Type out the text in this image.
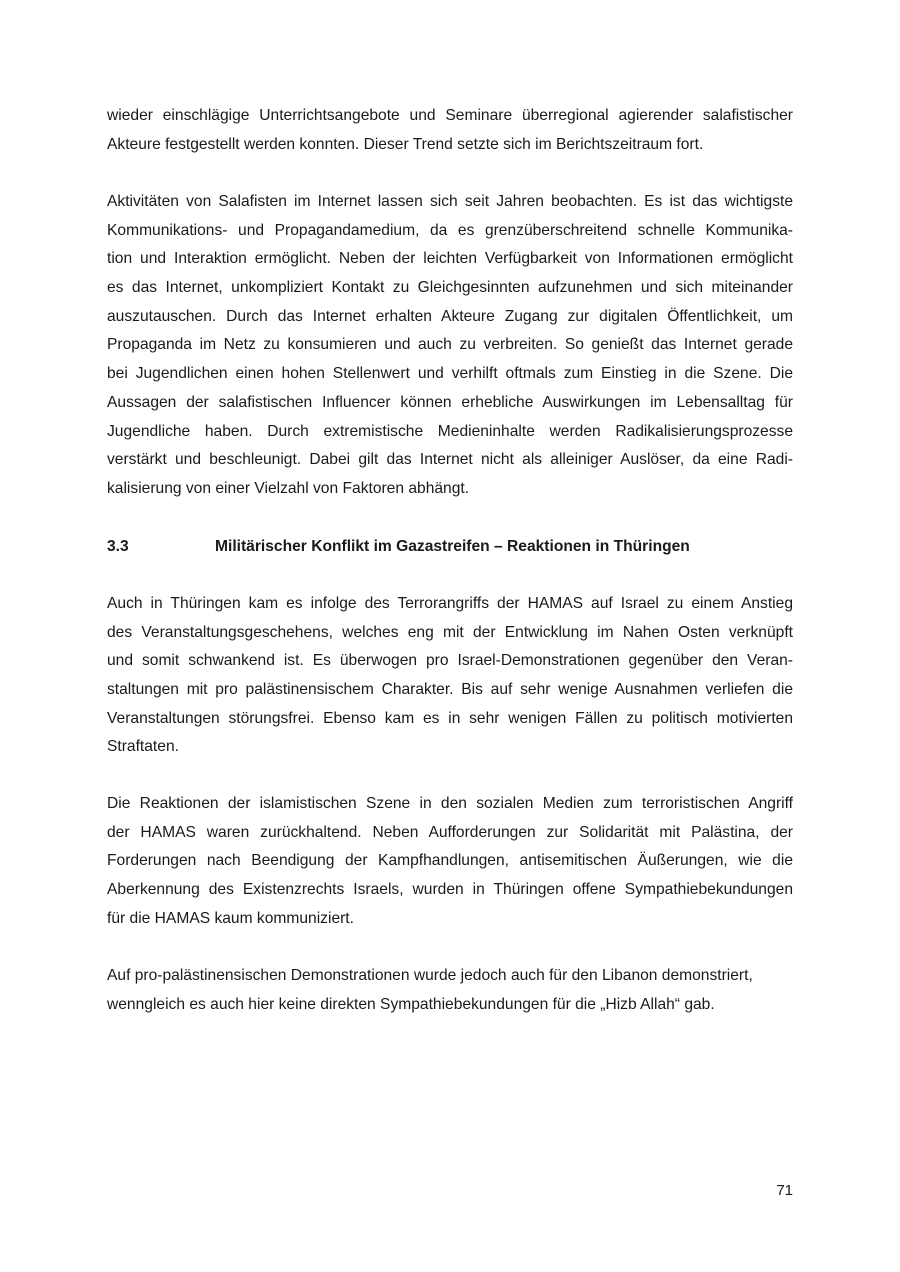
wieder einschlägige Unterrichtsangebote und Seminare überregional agierender salafistischer
Akteure festgestellt werden konnten. Dieser Trend setzte sich im Berichtszeitraum fort.
Aktivitäten von Salafisten im Internet lassen sich seit Jahren beobachten. Es ist das wichtigste
Kommunikations- und Propagandamedium, da es grenzüberschreitend schnelle Kommunika-
tion und Interaktion ermöglicht. Neben der leichten Verfügbarkeit von Informationen ermöglicht
es das Internet, unkompliziert Kontakt zu Gleichgesinnten aufzunehmen und sich miteinander
auszutauschen. Durch das Internet erhalten Akteure Zugang zur digitalen Öffentlichkeit, um
Propaganda im Netz zu konsumieren und auch zu verbreiten. So genießt das Internet gerade
bei Jugendlichen einen hohen Stellenwert und verhilft oftmals zum Einstieg in die Szene. Die
Aussagen der salafistischen Influencer können erhebliche Auswirkungen im Lebensalltag für
Jugendliche haben. Durch extremistische Medieninhalte werden Radikalisierungsprozesse
verstärkt und beschleunigt. Dabei gilt das Internet nicht als alleiniger Auslöser, da eine Radi-
kalisierung von einer Vielzahl von Faktoren abhängt.
3.3	Militärischer Konflikt im Gazastreifen – Reaktionen in Thüringen
Auch in Thüringen kam es infolge des Terrorangriffs der HAMAS auf Israel zu einem Anstieg
des Veranstaltungsgeschehens, welches eng mit der Entwicklung im Nahen Osten verknüpft
und somit schwankend ist. Es überwogen pro Israel-Demonstrationen gegenüber den Veran-
staltungen mit pro palästinensischem Charakter. Bis auf sehr wenige Ausnahmen verliefen die
Veranstaltungen störungsfrei. Ebenso kam es in sehr wenigen Fällen zu politisch motivierten
Straftaten.
Die Reaktionen der islamistischen Szene in den sozialen Medien zum terroristischen Angriff
der HAMAS waren zurückhaltend. Neben Aufforderungen zur Solidarität mit Palästina, der
Forderungen nach Beendigung der Kampfhandlungen, antisemitischen Äußerungen, wie die
Aberkennung des Existenzrechts Israels, wurden in Thüringen offene Sympathiebekundungen
für die HAMAS kaum kommuniziert.
Auf pro-palästinensischen Demonstrationen wurde jedoch auch für den Libanon demonstriert,
wenngleich es auch hier keine direkten Sympathiebekundungen für die „Hizb Allah“ gab.
71
